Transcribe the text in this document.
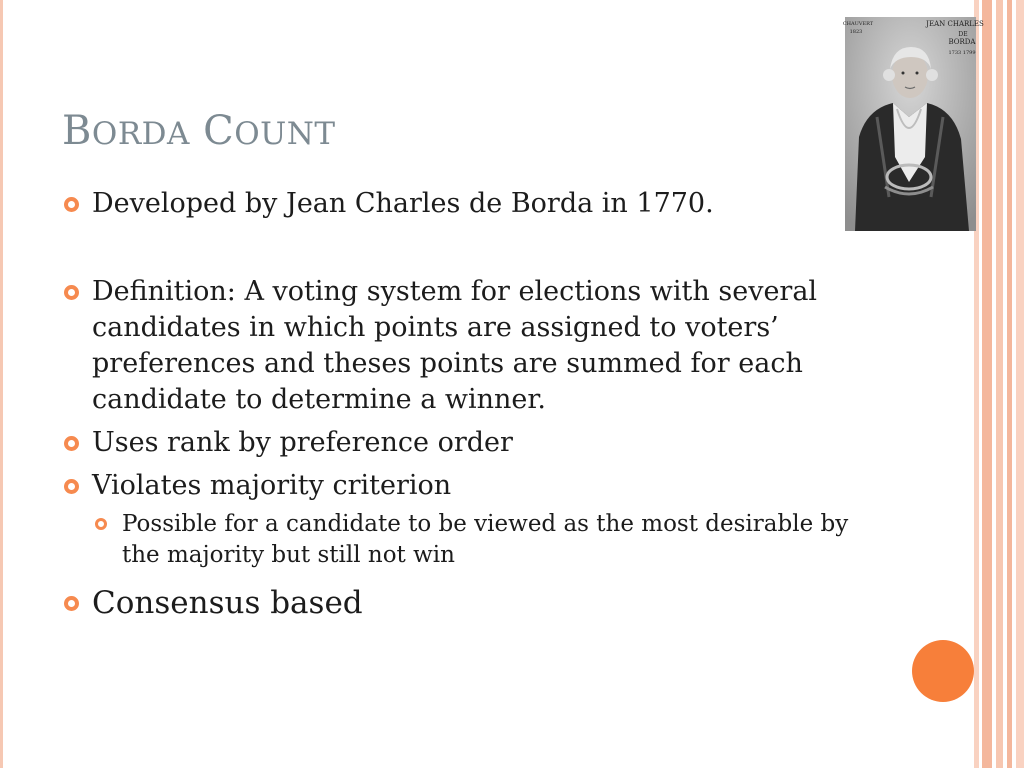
BORDA COUNT
JEAN CHARLES
DE
BORDA
1733 1799
CHAUVERT
1823
Developed by Jean Charles de Borda in 1770.
Definition: A voting system for elections with several candidates in which points are assigned to voters’ preferences and theses points are summed for each candidate to determine a winner.
Uses rank by preference order
Violates majority criterion
Possible for a candidate to be viewed as the most desirable by the majority but still not win
Consensus based
